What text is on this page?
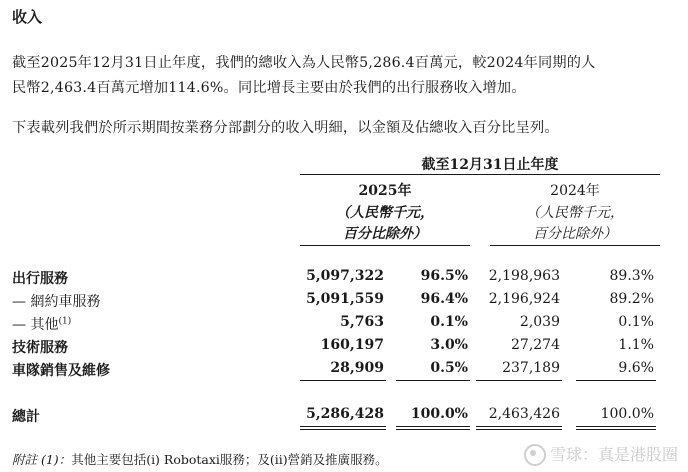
收入
截至2025年12月31日止年度，我們的總收入為人民幣5,286.4百萬元，較2024年同期的人
民幣2,463.4百萬元增加114.6%。同比增長主要由於我們的出行服務收入增加。
下表載列我們於所示期間按業務分部劃分的收入明細，以金額及佔總收入百分比呈列。
截至12月31日止年度
2025年	2024年
（人民幣千元，	（人民幣千元，
百分比除外）	百分比除外）
出行服務	5,097,322	96.5%	2,198,963	89.3%
— 網約車服務	5,091,559	96.4%	2,196,924	89.2%
— 其他$^{(1)}$	5,763	0.1%	2,039	0.1%
技術服務	160,197	3.0%	27,274	1.1%
車隊銷售及維修	28,909	0.5%	237,189	9.6%
總計	5,286,428	100.0%	2,463,426	100.0%
附註 (1)：其他主要包括(i) Robotaxi服務；及(ii)營銷及推廣服務。	雪球：真是港股圈
